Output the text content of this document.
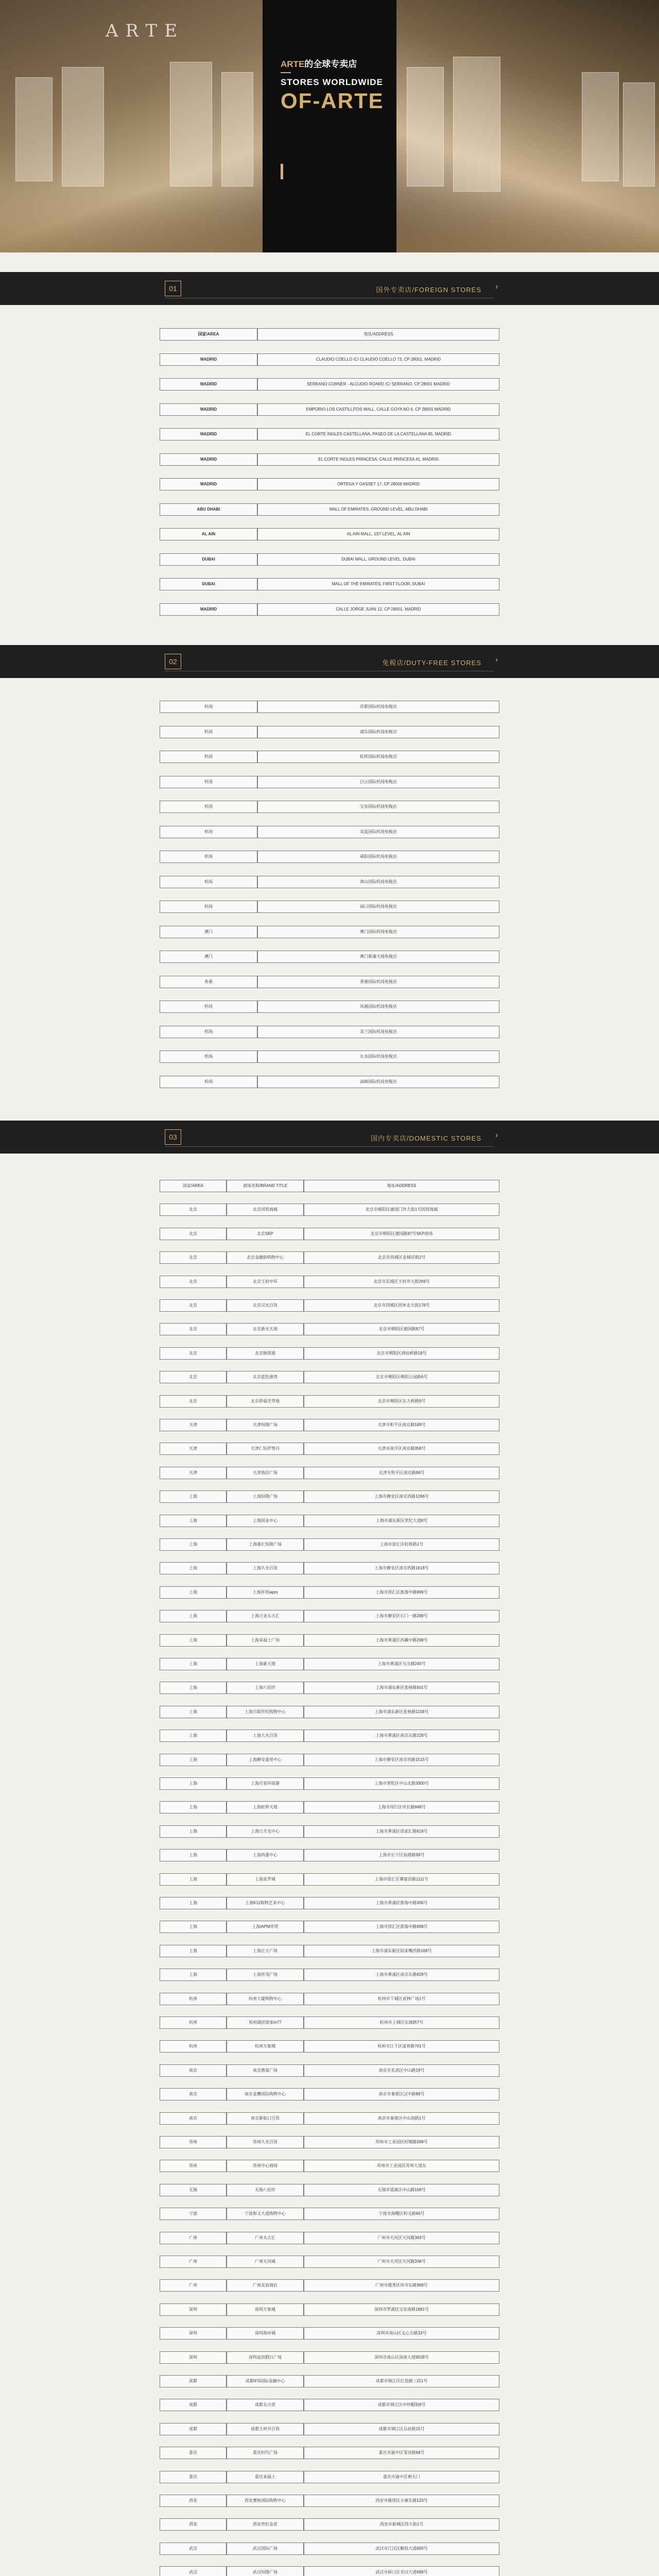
ARTE
ARTE的全球专卖店
STORES WORLDWIDE
OF-ARTE
01	国外专卖店/FOREIGN STORES ›
国家/AREA	地址/ADDRESS
MADRID	CLAUDIO COELLO /C/ CLAUDIO COELLO 73, CP 28001, MADRID
MADRID	SERRANO CORNER - ALCUDIO ROARD /C/ SERRANO, CP 28001 MADRID
MADRID	EMPORIO LOS CASTILLITOS MALL, CALLE GOYA NO 6, CP 28001 MADRID
MADRID	EL CORTE INGLES CASTELLANA, PASEO DE LA CASTELLANA 85, MADRID
MADRID	EL CORTE INGLES PRINCESA, CALLE PRINCESA 41, MADRID
MADRID	ORTEGA Y GASSET 17, CP 28006 MADRID
ABU DHABI	MALL OF EMIRATES, GROUND LEVEL, ABU DHABI
AL AIN	AL AIN MALL, 1ST LEVEL, AL AIN
DUBAI	DUBAI MALL, GROUND LEVEL, DUBAI
DUBAI	MALL OF THE EMIRATES, FIRST FLOOR, DUBAI
MADRID	CALLE JORGE JUAN 12, CP 28001, MADRID
02	免税店/DUTY-FREE STORES ›
机场	首都国际机场免税店
机场	浦东国际机场免税店
机场	虹桥国际机场免税店
机场	白云国际机场免税店
机场	宝安国际机场免税店
机场	双流国际机场免税店
机场	咸阳国际机场免税店
机场	萧山国际机场免税店
机场	禄口国际机场免税店
澳门	澳门国际机场免税店
澳门	澳门新濠天地免税店
香港	香港国际机场免税店
机场	凤凰国际机场免税店
机场	美兰国际机场免税店
机场	长水国际机场免税店
机场	高崎国际机场免税店
03	国内专卖店/DOMESTIC STORES ›
国家/AREA	商场名称/BRAND TITLE	地址/ADDRESS
北京	北京国贸商城	北京市朝阳区建国门外大街1号国贸商城
北京	北京SKP	北京市朝阳区建国路87号SKP商场
北京	北京金融街购物中心	北京市西城区金城坊街2号
北京	北京王府中环	北京市东城区王府井大街269号
北京	北京汉光百货	北京市西城区西单北大街176号
北京	北京新光天地	北京市朝阳区建国路87号
北京	北京颐堤港	北京市朝阳区酒仙桥路18号
北京	北京蓝色港湾	北京市朝阳区朝阳公园路6号
北京	北京侨福芳草地	北京市朝阳区东大桥路9号
天津	天津恒隆广场	天津市和平区南京路189号
天津	天津仁恒伊势丹	天津市南开区南京路358号
天津	天津海信广场	天津市和平区南京路68号
上海	上海恒隆广场	上海市静安区南京西路1266号
上海	上海国金中心	上海市浦东新区世纪大道8号
上海	上海港汇恒隆广场	上海市徐汇区虹桥路1号
上海	上海久光百货	上海市静安区南京西路1618号
上海	上海环贸iapm	上海市徐汇区淮海中路999号
上海	上海兴业太古汇	上海市静安区石门一路288号
上海	上海来福士广场	上海市黄浦区西藏中路268号
上海	上海新天地	上海市黄浦区马当路245号
上海	上海八佰伴	上海市浦东新区张杨路501号
上海	上海百联世纪购物中心	上海市浦东新区张杨路1158号
上海	上海大丸百货	上海市黄浦区南京东路228号
上海	上海静安嘉里中心	上海市静安区南京西路1515号
上海	上海月星环球港	上海市普陀区中山北路3300号
上海	上海虹桥天地	上海市闵行区申长路688号
上海	上海日月光中心	上海市黄浦区徐家汇路618号
上海	上海尚嘉中心	上海市长宁区仙霞路99号
上海	上海美罗城	上海市徐汇区肇嘉浜路1111号
上海	上海K11购物艺术中心	上海市黄浦区淮海中路300号
上海	上海iAPM环贸	上海市徐汇区淮海中路999号
上海	上海正大广场	上海市浦东新区陆家嘴西路168号
上海	上海世茂广场	上海市黄浦区南京东路829号
杭州	杭州大厦购物中心	杭州市下城区武林广场1号
杭州	杭州湖滨银泰in77	杭州市上城区东坡路7号
杭州	杭州万象城	杭州市江干区富春路701号
南京	南京德基广场	南京市玄武区中山路18号
南京	南京金鹰国际购物中心	南京市秦淮区汉中路89号
南京	南京新街口百货	南京市秦淮区中山南路1号
苏州	苏州久光百货	苏州市工业园区旺墩路268号
苏州	苏州中心商场	苏州市工业园区苏州大道东
无锡	无锡八佰伴	无锡市梁溪区中山路168号
宁波	宁波和义大道购物中心	宁波市海曙区和义路66号
广州	广州太古汇	广州市天河区天河路383号
广州	广州天河城	广州市天河区天河路208号
广州	广州友谊商店	广州市越秀区环市东路369号
深圳	深圳万象城	深圳市罗湖区宝安南路1881号
深圳	深圳海岸城	深圳市南山区文心五路33号
深圳	深圳益田假日广场	深圳市南山区深南大道9028号
成都	成都IFS国际金融中心	成都市锦江区红星路三段1号
成都	成都太古里	成都市锦江区中纱帽街8号
成都	成都王府井百货	成都市锦江区总府路15号
重庆	重庆时代广场	重庆市渝中区邹容路68号
重庆	重庆来福士	重庆市渝中区朝天门
西安	西安赛格国际购物中心	西安市雁塔区小寨东路123号
西安	西安世纪金花	西安市新城区西大街1号
武汉	武汉国际广场	武汉市江汉区解放大道690号
武汉	武汉恒隆广场	武汉市硚口区京汉大道688号
